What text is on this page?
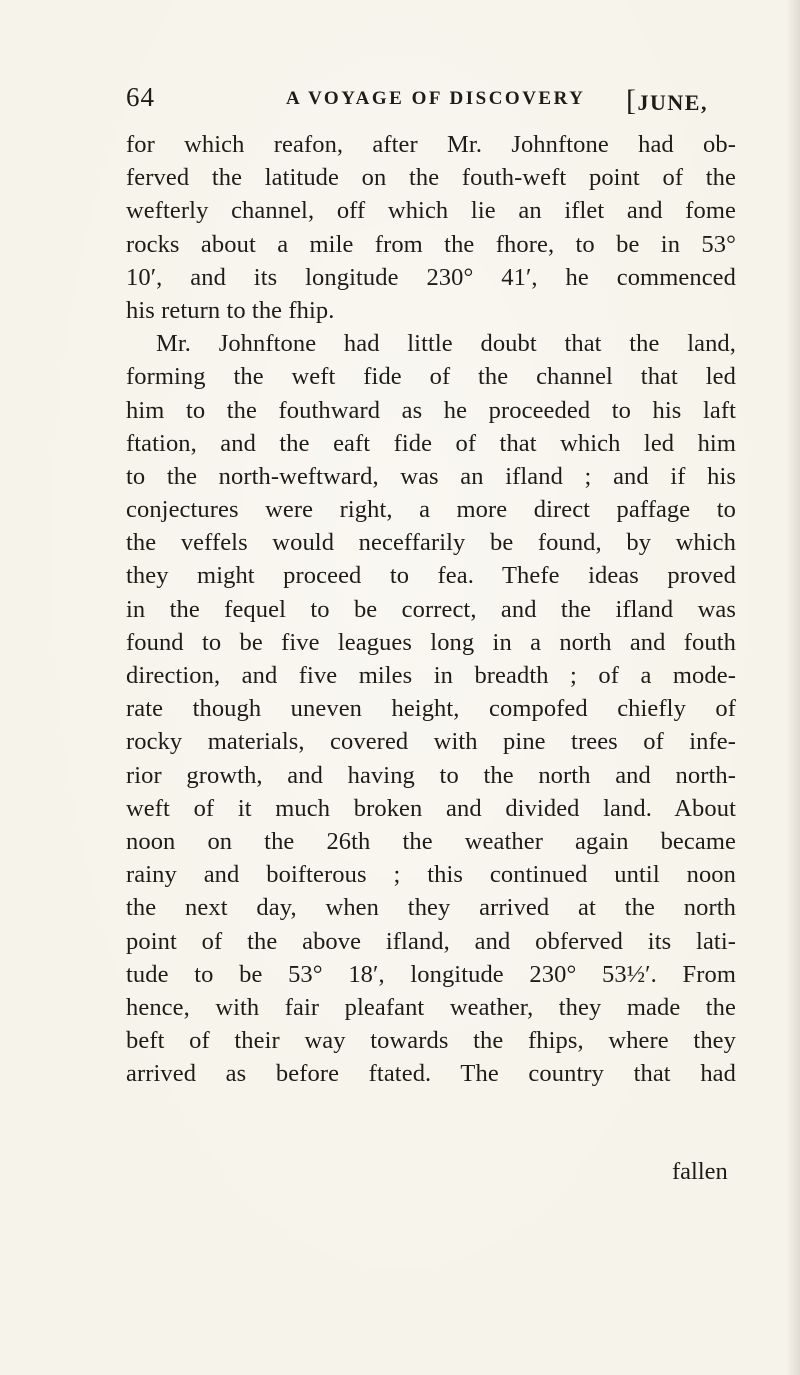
64	A VOYAGE OF DISCOVERY [JUNE,
for which reafon, after Mr. Johnftone had ob-
ferved the latitude on the fouth-weft point of the
wefterly channel, off which lie an iflet and fome
rocks about a mile from the fhore, to be in 53°
10′, and its longitude 230° 41′, he commenced
his return to the fhip.
Mr. Johnftone had little doubt that the land,
forming the weft fide of the channel that led
him to the fouthward as he proceeded to his laft
ftation, and the eaft fide of that which led him
to the north-weftward, was an ifland ; and if his
conjectures were right, a more direct paffage to
the veffels would neceffarily be found, by which
they might proceed to fea. Thefe ideas proved
in the fequel to be correct, and the ifland was
found to be five leagues long in a north and fouth
direction, and five miles in breadth ; of a mode-
rate though uneven height, compofed chiefly of
rocky materials, covered with pine trees of infe-
rior growth, and having to the north and north-
weft of it much broken and divided land. About
noon on the 26th the weather again became
rainy and boifterous ; this continued until noon
the next day, when they arrived at the north
point of the above ifland, and obferved its lati-
tude to be 53° 18′, longitude 230° 53½′. From
hence, with fair pleafant weather, they made the
beft of their way towards the fhips, where they
arrived as before ftated. The country that had
fallen
